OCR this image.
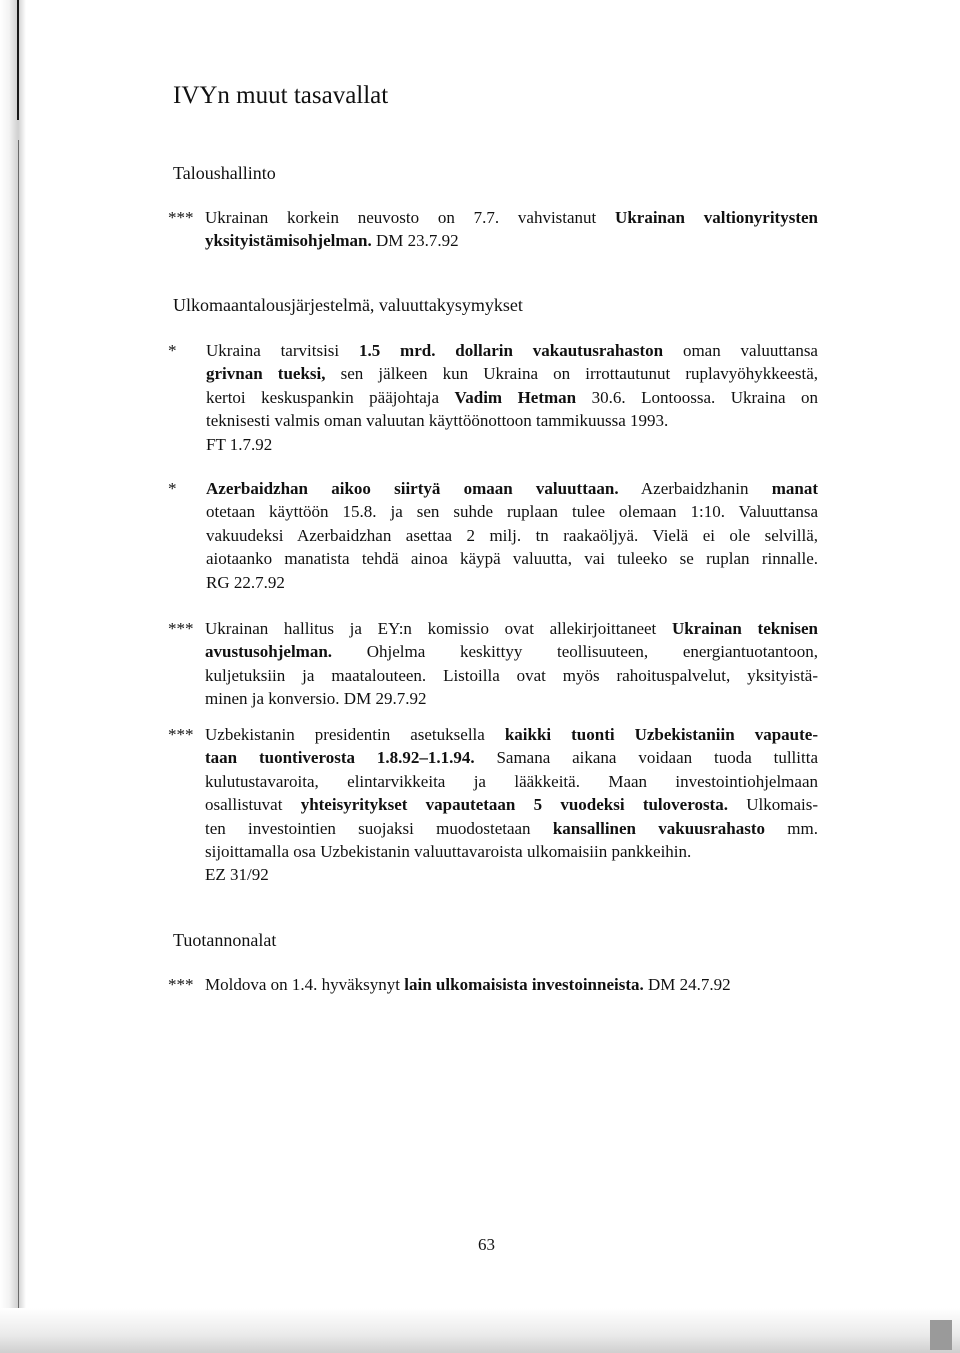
IVYn muut tasavallat
Taloushallinto
*** Ukrainan korkein neuvosto on 7.7. vahvistanut Ukrainan valtionyritysten
yksityistämisohjelman. DM 23.7.92
Ulkomaantalousjärjestelmä, valuuttakysymykset
* Ukraina tarvitsisi 1.5 mrd. dollarin vakautusrahaston oman valuuttansa
grivnan tueksi, sen jälkeen kun Ukraina on irrottautunut ruplavyöhykkeestä,
kertoi keskuspankin pääjohtaja Vadim Hetman 30.6. Lontoossa. Ukraina on
teknisesti valmis oman valuutan käyttöönottoon tammikuussa 1993.
FT 1.7.92
* Azerbaidzhan aikoo siirtyä omaan valuuttaan. Azerbaidzhanin manat
otetaan käyttöön 15.8. ja sen suhde ruplaan tulee olemaan 1:10. Valuuttansa
vakuudeksi Azerbaidzhan asettaa 2 milj. tn raakaöljyä. Vielä ei ole selvillä,
aiotaanko manatista tehdä ainoa käypä valuutta, vai tuleeko se ruplan rinnalle.
RG 22.7.92
*** Ukrainan hallitus ja EY:n komissio ovat allekirjoittaneet Ukrainan teknisen
avustusohjelman. Ohjelma keskittyy teollisuuteen, energiantuotantoon,
kuljetuksiin ja maatalouteen. Listoilla ovat myös rahoituspalvelut, yksityistä-
minen ja konversio. DM 29.7.92
*** Uzbekistanin presidentin asetuksella kaikki tuonti Uzbekistaniin vapaute-
taan tuontiverosta 1.8.92–1.1.94. Samana aikana voidaan tuoda tullitta
kulutustavaroita, elintarvikkeita ja lääkkeitä. Maan investointiohjelmaan
osallistuvat yhteisyritykset vapautetaan 5 vuodeksi tuloverosta. Ulkomais-
ten investointien suojaksi muodostetaan kansallinen vakuusrahasto mm.
sijoittamalla osa Uzbekistanin valuuttavaroista ulkomaisiin pankkeihin.
EZ 31/92
Tuotannonalat
*** Moldova on 1.4. hyväksynyt lain ulkomaisista investoinneista. DM 24.7.92
63
